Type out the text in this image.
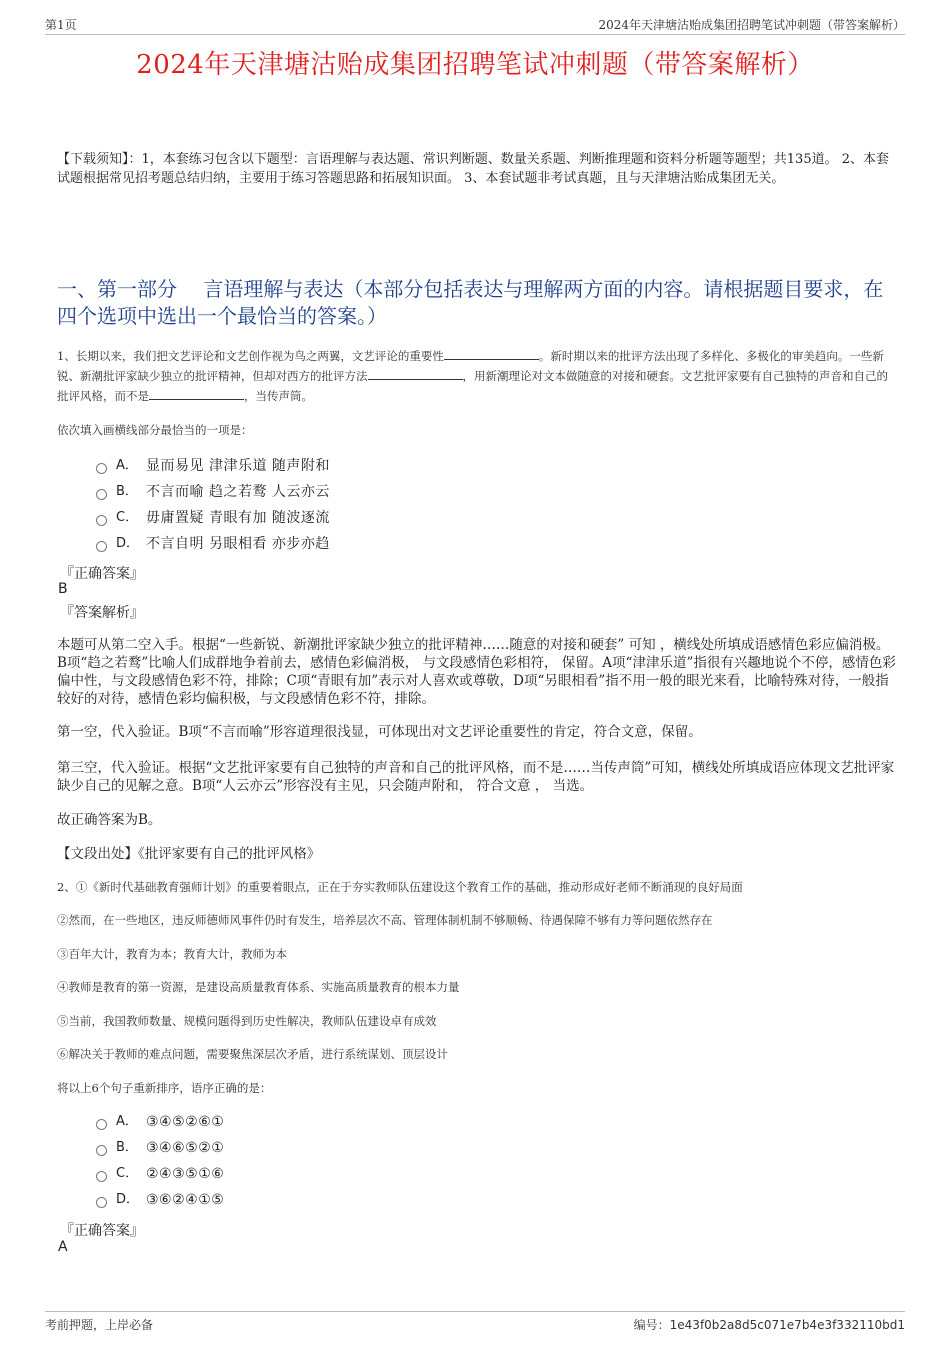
第1页	2024年天津塘沽贻成集团招聘笔试冲刺题（带答案解析）
2024年天津塘沽贻成集团招聘笔试冲刺题（带答案解析）
【下载须知】：1，本套练习包含以下题型：言语理解与表达题、常识判断题、数量关系题、判断推理题和资料分析题等题型；共135道。 2、本套试题根据常见招考题总结归纳，主要用于练习答题思路和拓展知识面。 3、本套试题非考试真题，且与天津塘沽贻成集团无关。
一、第一部分　 言语理解与表达（本部分包括表达与理解两方面的内容。请根据题目要求，在四个选项中选出一个最恰当的答案。）
1、长期以来，我们把文艺评论和文艺创作视为鸟之两翼，文艺评论的重要性	。新时期以来的批评方法出现了多样化、多极化的审美趋向。一些新锐、新潮批评家缺少独立的批评精神，但却对西方的批评方法	，用新潮理论对文本做随意的对接和硬套。文艺批评家要有自己独特的声音和自己的批评风格，而不是	，当传声筒。
依次填入画横线部分最恰当的一项是：
A． 显而易见 津津乐道 随声附和
B． 不言而喻 趋之若鹜 人云亦云
C． 毋庸置疑 青眼有加 随波逐流
D． 不言自明 另眼相看 亦步亦趋
『正确答案』
B
『答案解析』
本题可从第二空入手。根据“一些新锐、新潮批评家缺少独立的批评精神……随意的对接和硬套” 可知 ，横线处所填成语感情色彩应偏消极。B项“趋之若鹜”比喻人们成群地争着前去，感情色彩偏消极， 与文段感情色彩相符， 保留。A项“津津乐道”指很有兴趣地说个不停，感情色彩偏中性，与文段感情色彩不符，排除；C项“青眼有加”表示对人喜欢或尊敬，D项“另眼相看”指不用一般的眼光来看，比喻特殊对待，一般指较好的对待，感情色彩均偏积极，与文段感情色彩不符，排除。
第一空，代入验证。B项“不言而喻”形容道理很浅显，可体现出对文艺评论重要性的肯定，符合文意，保留。
第三空，代入验证。根据“文艺批评家要有自己独特的声音和自己的批评风格，而不是……当传声筒”可知，横线处所填成语应体现文艺批评家缺少自己的见解之意。B项“人云亦云”形容没有主见，只会随声附和， 符合文意 ， 当选。
故正确答案为B。
【文段出处】《批评家要有自己的批评风格》
2、①《新时代基础教育强师计划》的重要着眼点，正在于夯实教师队伍建设这个教育工作的基础，推动形成好老师不断涌现的良好局面
②然而，在一些地区，违反师德师风事件仍时有发生，培养层次不高、管理体制机制不够顺畅、待遇保障不够有力等问题依然存在
③百年大计，教育为本；教育大计，教师为本
④教师是教育的第一资源，是建设高质量教育体系、实施高质量教育的根本力量
⑤当前，我国教师数量、规模问题得到历史性解决，教师队伍建设卓有成效
⑥解决关于教师的难点问题，需要聚焦深层次矛盾，进行系统谋划、顶层设计
将以上6个句子重新排序，语序正确的是：
A． ③④⑤②⑥①
B． ③④⑥⑤②①
C． ②④③⑤①⑥
D． ③⑥②④①⑤
『正确答案』
A
考前押题，上岸必备	编号：1e43f0b2a8d5c071e7b4e3f332110bd1
